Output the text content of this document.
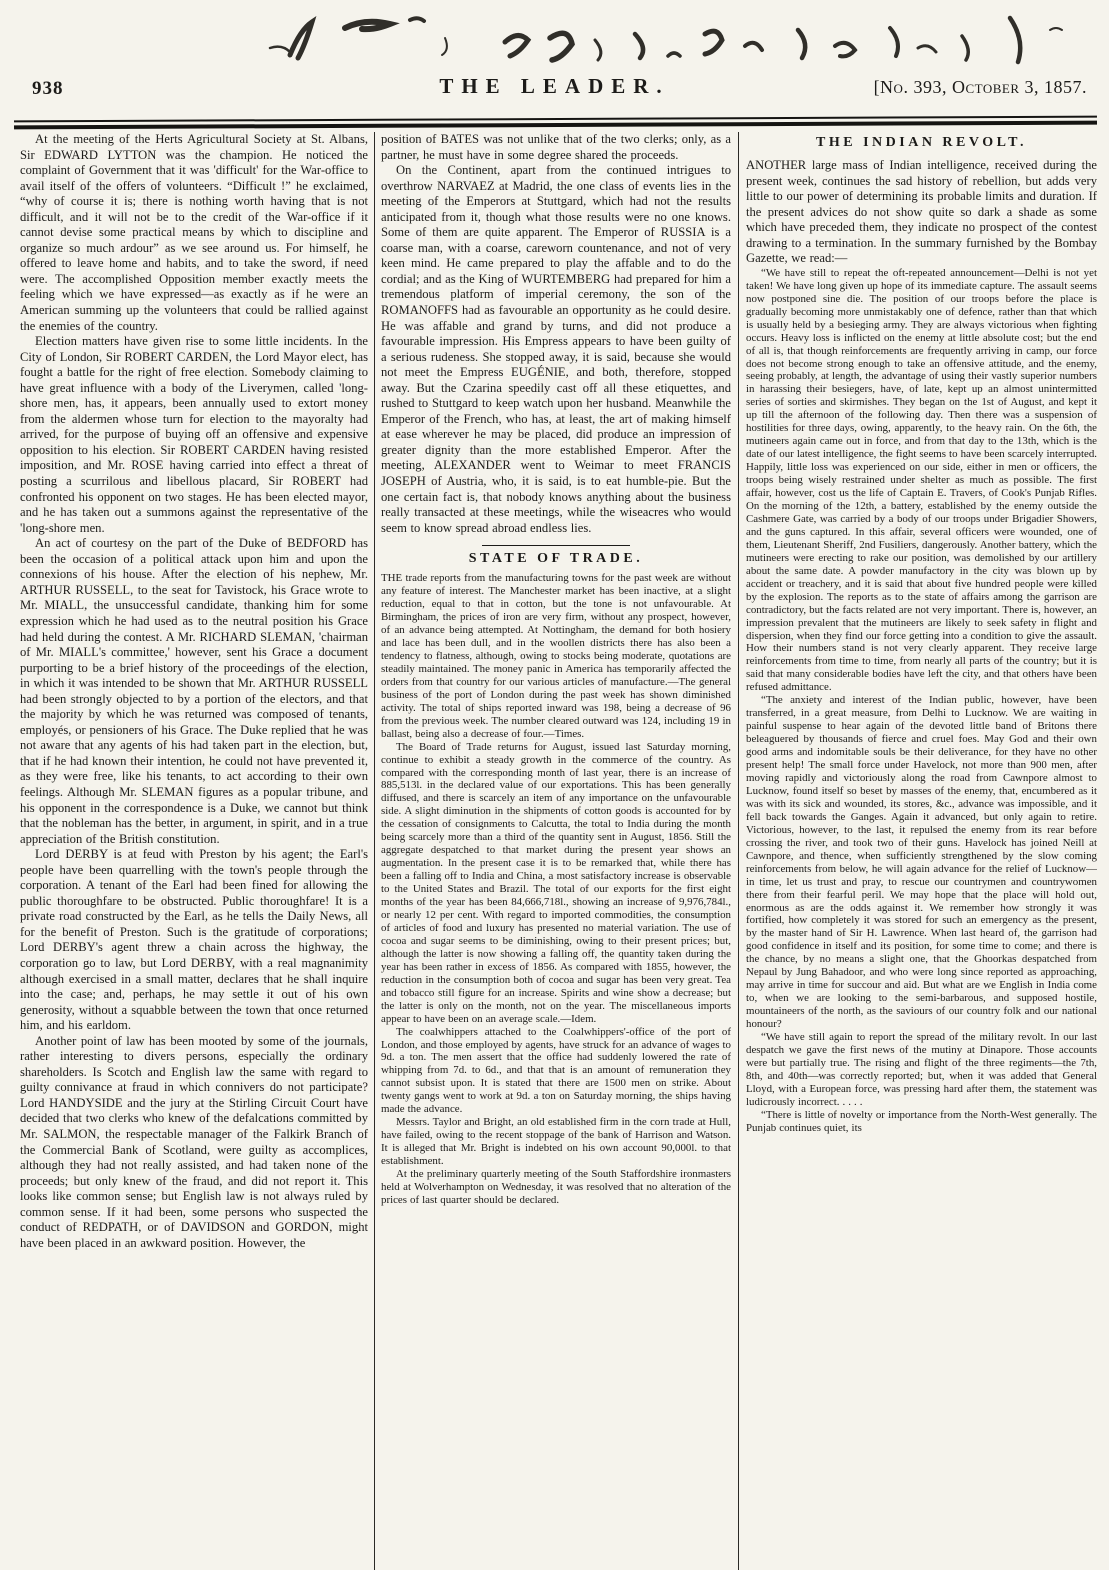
938	THE LEADER.	[No. 393, October 3, 1857.

At the meeting of the Herts Agricultural Society at St. Albans, Sir EDWARD LYTTON was the champion. He noticed the complaint of Government that it was 'difficult' for the War-office to avail itself of the offers of volunteers. “Difficult !” he exclaimed, “why of course it is; there is nothing worth having that is not difficult, and it will not be to the credit of the War-office if it cannot devise some practical means by which to discipline and organize so much ardour” as we see around us. For himself, he offered to leave home and habits, and to take the sword, if need were. The accomplished Opposition member exactly meets the feeling which we have expressed—as exactly as if he were an American summing up the volunteers that could be rallied against the enemies of the country.

Election matters have given rise to some little incidents. In the City of London, Sir ROBERT CARDEN, the Lord Mayor elect, has fought a battle for the right of free election. Somebody claiming to have great influence with a body of the Liverymen, called 'long-shore men, has, it appears, been annually used to extort money from the aldermen whose turn for election to the mayoralty had arrived, for the purpose of buying off an offensive and expensive opposition to his election. Sir ROBERT CARDEN having resisted imposition, and Mr. ROSE having carried into effect a threat of posting a scurrilous and libellous placard, Sir ROBERT had confronted his opponent on two stages. He has been elected mayor, and he has taken out a summons against the representative of the 'long-shore men.

An act of courtesy on the part of the Duke of BEDFORD has been the occasion of a political attack upon him and upon the connexions of his house. After the election of his nephew, Mr. ARTHUR RUSSELL, to the seat for Tavistock, his Grace wrote to Mr. MIALL, the unsuccessful candidate, thanking him for some expression which he had used as to the neutral position his Grace had held during the contest. A Mr. RICHARD SLEMAN, 'chairman of Mr. MIALL's committee,' however, sent his Grace a document purporting to be a brief history of the proceedings of the election, in which it was intended to be shown that Mr. ARTHUR RUSSELL had been strongly objected to by a portion of the electors, and that the majority by which he was returned was composed of tenants, employés, or pensioners of his Grace. The Duke replied that he was not aware that any agents of his had taken part in the election, but, that if he had known their intention, he could not have prevented it, as they were free, like his tenants, to act according to their own feelings. Although Mr. SLEMAN figures as a popular tribune, and his opponent in the correspondence is a Duke, we cannot but think that the nobleman has the better, in argument, in spirit, and in a true appreciation of the British constitution.

Lord DERBY is at feud with Preston by his agent; the Earl's people have been quarrelling with the town's people through the corporation. A tenant of the Earl had been fined for allowing the public thoroughfare to be obstructed. Public thoroughfare! It is a private road constructed by the Earl, as he tells the Daily News, all for the benefit of Preston. Such is the gratitude of corporations; Lord DERBY's agent threw a chain across the highway, the corporation go to law, but Lord DERBY, with a real magnanimity although exercised in a small matter, declares that he shall inquire into the case; and, perhaps, he may settle it out of his own generosity, without a squabble between the town that once returned him, and his earldom.

Another point of law has been mooted by some of the journals, rather interesting to divers persons, especially the ordinary shareholders. Is Scotch and English law the same with regard to guilty connivance at fraud in which connivers do not participate? Lord HANDYSIDE and the jury at the Stirling Circuit Court have decided that two clerks who knew of the defalcations committed by Mr. SALMON, the respectable manager of the Falkirk Branch of the Commercial Bank of Scotland, were guilty as accomplices, although they had not really assisted, and had taken none of the proceeds; but only knew of the fraud, and did not report it. This looks like common sense; but English law is not always ruled by common sense. If it had been, some persons who suspected the conduct of REDPATH, or of DAVIDSON and GORDON, might have been placed in an awkward position. However, the

position of BATES was not unlike that of the two clerks; only, as a partner, he must have in some degree shared the proceeds.

On the Continent, apart from the continued intrigues to overthrow NARVAEZ at Madrid, the one class of events lies in the meeting of the Emperors at Stuttgard, which had not the results anticipated from it, though what those results were no one knows. Some of them are quite apparent. The Emperor of RUSSIA is a coarse man, with a coarse, careworn countenance, and not of very keen mind. He came prepared to play the affable and to do the cordial; and as the King of WURTEMBERG had prepared for him a tremendous platform of imperial ceremony, the son of the ROMANOFFS had as favourable an opportunity as he could desire. He was affable and grand by turns, and did not produce a favourable impression. His Empress appears to have been guilty of a serious rudeness. She stopped away, it is said, because she would not meet the Empress EUGÉNIE, and both, therefore, stopped away. But the Czarina speedily cast off all these etiquettes, and rushed to Stuttgard to keep watch upon her husband. Meanwhile the Emperor of the French, who has, at least, the art of making himself at ease wherever he may be placed, did produce an impression of greater dignity than the more established Emperor. After the meeting, ALEXANDER went to Weimar to meet FRANCIS JOSEPH of Austria, who, it is said, is to eat humble-pie. But the one certain fact is, that nobody knows anything about the business really transacted at these meetings, while the wiseacres who would seem to know spread abroad endless lies.

STATE OF TRADE.

THE trade reports from the manufacturing towns for the past week are without any feature of interest. The Manchester market has been inactive, at a slight reduction, equal to that in cotton, but the tone is not unfavourable. At Birmingham, the prices of iron are very firm, without any prospect, however, of an advance being attempted. At Nottingham, the demand for both hosiery and lace has been dull, and in the woollen districts there has also been a tendency to flatness, although, owing to stocks being moderate, quotations are steadily maintained. The money panic in America has temporarily affected the orders from that country for our various articles of manufacture.—The general business of the port of London during the past week has shown diminished activity. The total of ships reported inward was 198, being a decrease of 96 from the previous week. The number cleared outward was 124, including 19 in ballast, being also a decrease of four.—Times.

The Board of Trade returns for August, issued last Saturday morning, continue to exhibit a steady growth in the commerce of the country. As compared with the corresponding month of last year, there is an increase of 885,513l. in the declared value of our exportations. This has been generally diffused, and there is scarcely an item of any importance on the unfavourable side. A slight diminution in the shipments of cotton goods is accounted for by the cessation of consignments to Calcutta, the total to India during the month being scarcely more than a third of the quantity sent in August, 1856. Still the aggregate despatched to that market during the present year shows an augmentation. In the present case it is to be remarked that, while there has been a falling off to India and China, a most satisfactory increase is observable to the United States and Brazil. The total of our exports for the first eight months of the year has been 84,666,718l., showing an increase of 9,976,784l., or nearly 12 per cent. With regard to imported commodities, the consumption of articles of food and luxury has presented no material variation. The use of cocoa and sugar seems to be diminishing, owing to their present prices; but, although the latter is now showing a falling off, the quantity taken during the year has been rather in excess of 1856. As compared with 1855, however, the reduction in the consumption both of cocoa and sugar has been very great. Tea and tobacco still figure for an increase. Spirits and wine show a decrease; but the latter is only on the month, not on the year. The miscellaneous imports appear to have been on an average scale.—Idem.

The coalwhippers attached to the Coalwhippers'-office of the port of London, and those employed by agents, have struck for an advance of wages to 9d. a ton. The men assert that the office had suddenly lowered the rate of whipping from 7d. to 6d., and that that is an amount of remuneration they cannot subsist upon. It is stated that there are 1500 men on strike. About twenty gangs went to work at 9d. a ton on Saturday morning, the ships having made the advance.

Messrs. Taylor and Bright, an old established firm in the corn trade at Hull, have failed, owing to the recent stoppage of the bank of Harrison and Watson. It is alleged that Mr. Bright is indebted on his own account 90,000l. to that establishment.

At the preliminary quarterly meeting of the South Staffordshire ironmasters held at Wolverhampton on Wednesday, it was resolved that no alteration of the prices of last quarter should be declared.

THE INDIAN REVOLT.

ANOTHER large mass of Indian intelligence, received during the present week, continues the sad history of rebellion, but adds very little to our power of determining its probable limits and duration. If the present advices do not show quite so dark a shade as some which have preceded them, they indicate no prospect of the contest drawing to a termination. In the summary furnished by the Bombay Gazette, we read:—

“We have still to repeat the oft-repeated announcement—Delhi is not yet taken! We have long given up hope of its immediate capture. The assault seems now postponed sine die. The position of our troops before the place is gradually becoming more unmistakably one of defence, rather than that which is usually held by a besieging army. They are always victorious when fighting occurs. Heavy loss is inflicted on the enemy at little absolute cost; but the end of all is, that though reinforcements are frequently arriving in camp, our force does not become strong enough to take an offensive attitude, and the enemy, seeing probably, at length, the advantage of using their vastly superior numbers in harassing their besiegers, have, of late, kept up an almost unintermitted series of sorties and skirmishes. They began on the 1st of August, and kept it up till the afternoon of the following day. Then there was a suspension of hostilities for three days, owing, apparently, to the heavy rain. On the 6th, the mutineers again came out in force, and from that day to the 13th, which is the date of our latest intelligence, the fight seems to have been scarcely interrupted. Happily, little loss was experienced on our side, either in men or officers, the troops being wisely restrained under shelter as much as possible. The first affair, however, cost us the life of Captain E. Travers, of Cook's Punjab Rifles. On the morning of the 12th, a battery, established by the enemy outside the Cashmere Gate, was carried by a body of our troops under Brigadier Showers, and the guns captured. In this affair, several officers were wounded, one of them, Lieutenant Sheriff, 2nd Fusiliers, dangerously. Another battery, which the mutineers were erecting to rake our position, was demolished by our artillery about the same date. A powder manufactory in the city was blown up by accident or treachery, and it is said that about five hundred people were killed by the explosion. The reports as to the state of affairs among the garrison are contradictory, but the facts related are not very important. There is, however, an impression prevalent that the mutineers are likely to seek safety in flight and dispersion, when they find our force getting into a condition to give the assault. How their numbers stand is not very clearly apparent. They receive large reinforcements from time to time, from nearly all parts of the country; but it is said that many considerable bodies have left the city, and that others have been refused admittance.

“The anxiety and interest of the Indian public, however, have been transferred, in a great measure, from Delhi to Lucknow. We are waiting in painful suspense to hear again of the devoted little band of Britons there beleaguered by thousands of fierce and cruel foes. May God and their own good arms and indomitable souls be their deliverance, for they have no other present help! The small force under Havelock, not more than 900 men, after moving rapidly and victoriously along the road from Cawnpore almost to Lucknow, found itself so beset by masses of the enemy, that, encumbered as it was with its sick and wounded, its stores, &c., advance was impossible, and it fell back towards the Ganges. Again it advanced, but only again to retire. Victorious, however, to the last, it repulsed the enemy from its rear before crossing the river, and took two of their guns. Havelock has joined Neill at Cawnpore, and thence, when sufficiently strengthened by the slow coming reinforcements from below, he will again advance for the relief of Lucknow—in time, let us trust and pray, to rescue our countrymen and countrywomen there from their fearful peril. We may hope that the place will hold out, enormous as are the odds against it. We remember how strongly it was fortified, how completely it was stored for such an emergency as the present, by the master hand of Sir H. Lawrence. When last heard of, the garrison had good confidence in itself and its position, for some time to come; and there is the chance, by no means a slight one, that the Ghoorkas despatched from Nepaul by Jung Bahadoor, and who were long since reported as approaching, may arrive in time for succour and aid. But what are we English in India come to, when we are looking to the semi-barbarous, and supposed hostile, mountaineers of the north, as the saviours of our country folk and our national honour?

“We have still again to report the spread of the military revolt. In our last despatch we gave the first news of the mutiny at Dinapore. Those accounts were but partially true. The rising and flight of the three regiments—the 7th, 8th, and 40th—was correctly reported; but, when it was added that General Lloyd, with a European force, was pressing hard after them, the statement was ludicrously incorrect. . . . .

“There is little of novelty or importance from the North-West generally. The Punjab continues quiet, its
